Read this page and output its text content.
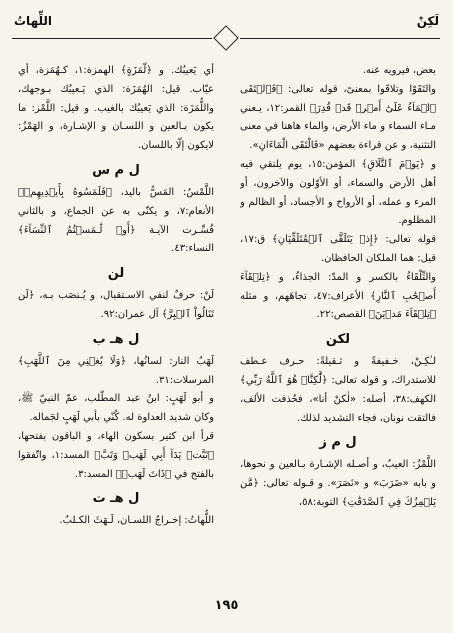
اللِّهاتُ	لَكِنْ

بعض، فيرويه عنه.

والتَقَوْا وتلاقَوا بمعنىً، قوله تعالى: ﴿فَٱلۡتَقَى ٱلۡمَآءُ عَلَىٰٓ أَمۡرٖ قَدۡ قُدِرَ﴾ القمر:١٢، يـعني مـاء السماء و ماء الأرض، والماء هاهنا في معنى التثنية، و عن قراءة بعضهم «فَالْتَقَى الْمَاءَانِ».

و ﴿يَوۡمَ ٱلتَّلَاقِ﴾ المؤمن:١٥، يوم يلتقي فيه أهل الأرض والسماء، أو الأوّلون والآخرون، أو المرء و عمله، أو الأرواح و الأجساد، أو الظالم و المظلوم.

قوله تعالى: ﴿إِذۡ يَتَلَقَّى ٱلۡمُتَلَقِّيَانِ﴾ ق:١٧، قيل: هما الملكان الحافظان.

والتِّلْقَاءُ بالكسر و المدّ: الجذاءُ، و ﴿تِلۡقَآءَ أَصۡحَٰبِ ٱلنَّارِ﴾ الأعراف:٤٧، تجاهَهم، و مثله ﴿تِلۡقَآءَ مَدۡيَنَ﴾ القصص:٢٢.

لكن

لـٰكِـنْ، خـفيفةً و ثـقيلةً: حـرف عـطف للاستدراك، و قوله تعالى: ﴿لَّٰكِنَّا۠ هُوَ ٱللَّهُ رَبِّي﴾ الكهف:٣٨، أصله: «لٰكنْ أنا»، فحُذفت الألف، فالتقت نونان، فجاء التشديد لذلك.

ل م ز

اللَّمْزُ: العيبُ، و أصـله الإشـارة بـالعين و نحوها، و بابه «ضَرَبَ» و «نَصَرَ». و قـوله تعالى: ﴿مَّن يَلۡمِزُكَ فِي ٱلصَّدَقَٰتِ﴾ التوبة:٥٨،

أي يَعيبُك. و ﴿لُّمَزَةٍ﴾ الهمزة:١، كـهُمَزة، أي عيّاب. قيل: الهُمَزَة: الذي يَـعيبُك بـوجهك، واللُّمَزَة: الذي يَعيبُك بالغيب. و قيل: اللَّمْز: ما يكون بـالعين و اللسـان و الإشـارة، و الهَمْزُ: لايكون إلّا باللسان.

ل م س

اللَّمْسُ: المَسُّ باليد، ﴿فَلَمَسُوهُ بِأَيۡدِيهِمۡ﴾ الأنعام:٧، و يكنّى به عن الجماع، و بالثاني فُسِّـرت الآيـة ﴿أَوۡ لَٰـمَسۡتُمُ ٱلنِّسَآءَ﴾ النساء:٤٣.

لن

لَنْ: حرفٌ لنفي الاسـتقبال، و يُـنصَب بـه، ﴿لَن تَنَالُواْ ٱلۡبِرَّ﴾ آل عمران:٩٢.

ل هـ ب

لَهَبُ النار: لسانُها، ﴿وَلَا يُغۡنِي مِنَ ٱللَّهَبِ﴾ المرسلات:٣١.

و أبو لَهَبٍ: ابنُ عبد المطّلب، عمّ النبيّ ﷺ، وكان شديد العداوة له. كُنّي بأبي لَهَبٍ لجَماله.

قرأ ابن كثير بسكون الهاء، و الباقون بفتحها، ﴿تَبَّتۡ يَدَآ أَبِي لَهَبٖ وَتَبَّ﴾ المسد:١، واتّفقوا بالفتح في ﴿ذَاتَ لَهَبٖ﴾ المسد:٣.

ل هـ ت

اللُّهاتُ: إخـراجُ اللسـان، لَـهَثَ الكـلبُ.

١٩٥
